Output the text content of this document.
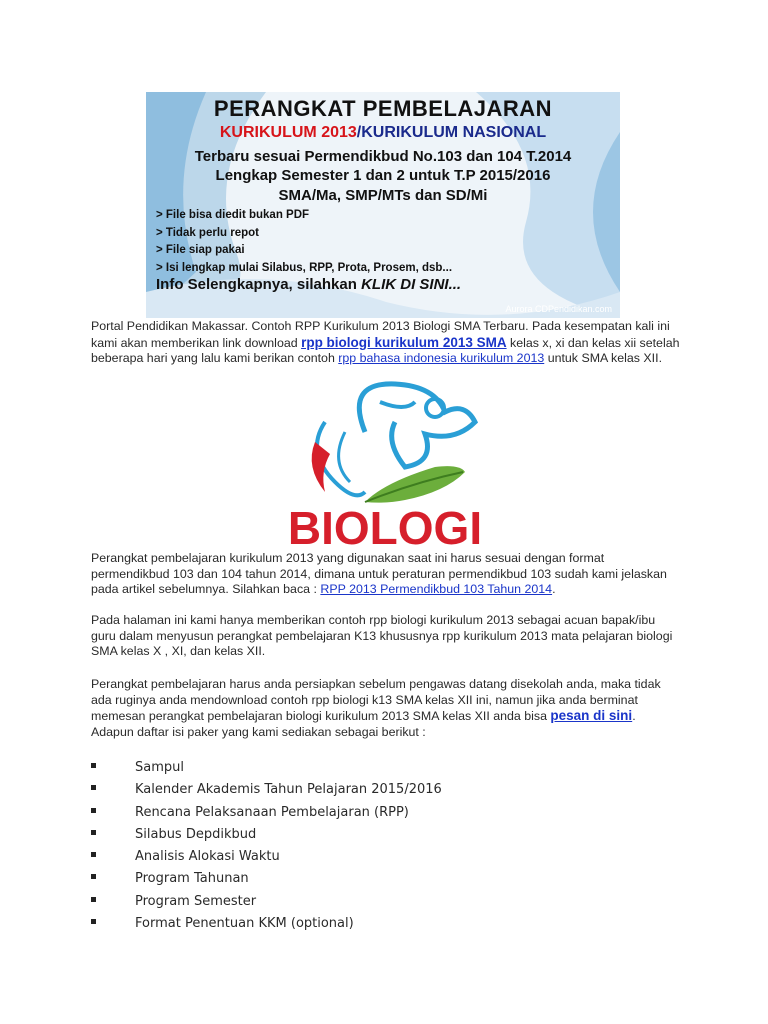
PERANGKAT PEMBELAJARAN
KURIKULUM 2013/KURIKULUM NASIONAL
Terbaru sesuai Permendikbud No.103 dan 104 T.2014
Lengkap Semester 1 dan 2 untuk T.P 2015/2016
SMA/Ma, SMP/MTs dan SD/Mi
> File bisa diedit bukan PDF
> Tidak perlu repot
> File siap pakai
> Isi lengkap mulai Silabus, RPP, Prota, Prosem, dsb...
Info Selengkapnya, silahkan KLIK DI SINI...
Aurora CDPendidikan.com
Portal Pendidikan Makassar. Contoh RPP Kurikulum 2013 Biologi SMA Terbaru. Pada kesempatan kali ini kami akan memberikan link download rpp biologi kurikulum 2013 SMA kelas x, xi dan kelas xii setelah beberapa hari yang lalu kami berikan contoh rpp bahasa indonesia kurikulum 2013 untuk SMA kelas XII.
BIOLOGI
Perangkat pembelajaran kurikulum 2013 yang digunakan saat ini harus sesuai dengan format permendikbud 103 dan 104 tahun 2014, dimana untuk peraturan permendikbud 103 sudah kami jelaskan pada artikel sebelumnya. Silahkan baca : RPP 2013 Permendikbud 103 Tahun 2014.
Pada halaman ini kami hanya memberikan contoh rpp biologi kurikulum 2013 sebagai acuan bapak/ibu guru dalam menyusun perangkat pembelajaran K13 khususnya rpp kurikulum 2013 mata pelajaran biologi SMA kelas X , XI, dan kelas XII.
Perangkat pembelajaran harus anda persiapkan sebelum pengawas datang disekolah anda, maka tidak ada ruginya anda mendownload contoh rpp biologi k13 SMA kelas XII ini, namun jika anda berminat memesan perangkat pembelajaran biologi kurikulum 2013 SMA kelas XII anda bisa pesan di sini. Adapun daftar isi paker yang kami sediakan sebagai berikut :
Sampul
Kalender Akademis Tahun Pelajaran 2015/2016
Rencana Pelaksanaan Pembelajaran (RPP)
Silabus Depdikbud
Analisis Alokasi Waktu
Program Tahunan
Program Semester
Format Penentuan KKM (optional)
